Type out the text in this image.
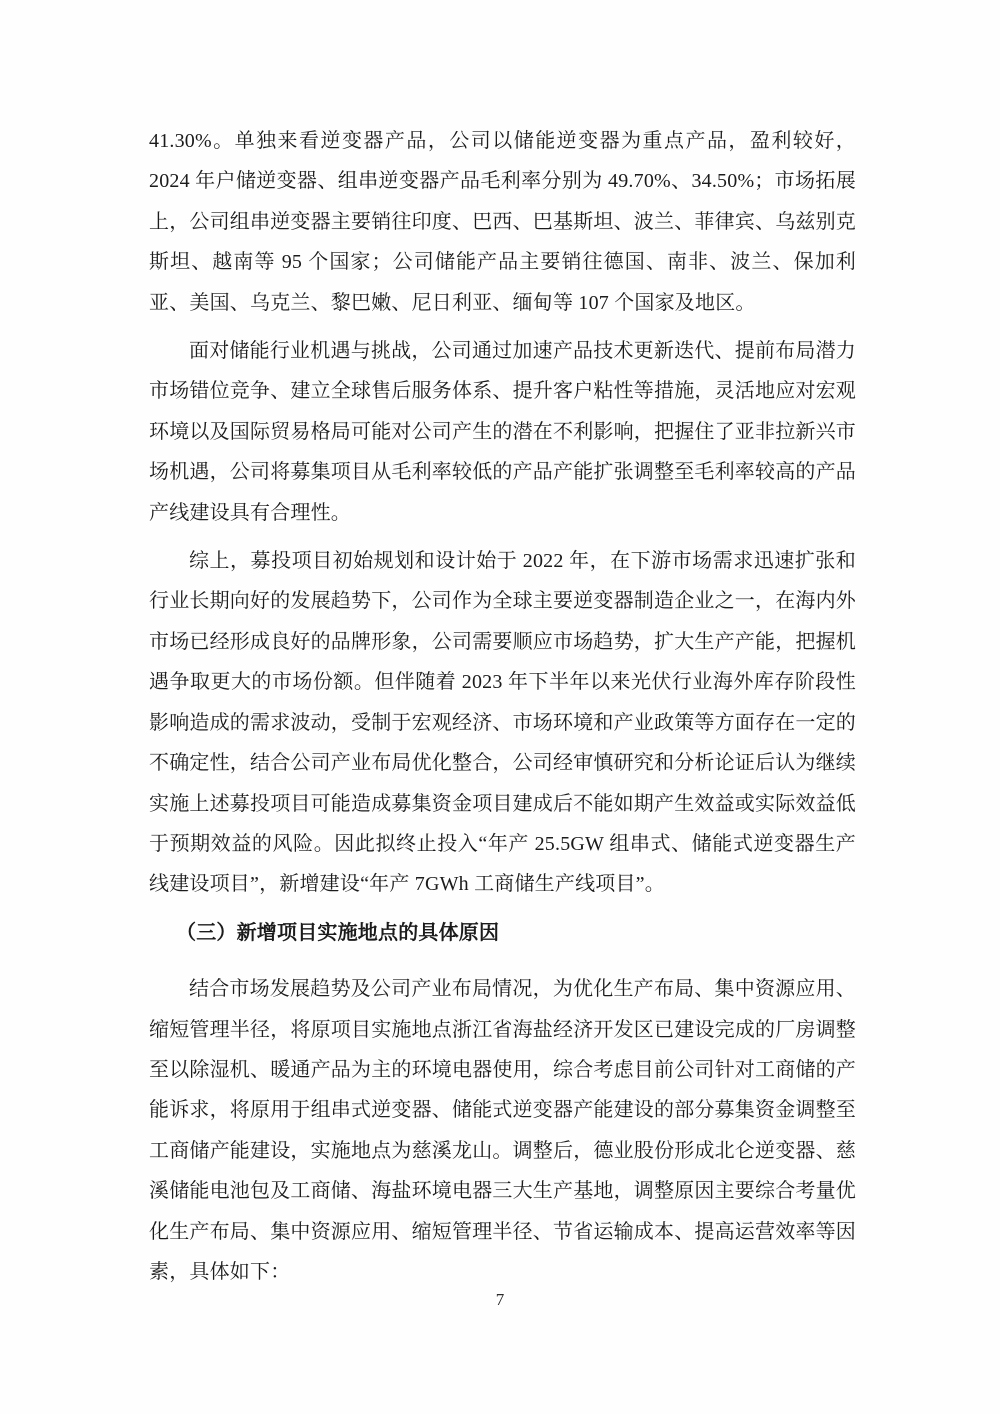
41.30%。单独来看逆变器产品，公司以储能逆变器为重点产品，盈利较好，2024 年户储逆变器、组串逆变器产品毛利率分别为 49.70%、34.50%；市场拓展上，公司组串逆变器主要销往印度、巴西、巴基斯坦、波兰、菲律宾、乌兹别克斯坦、越南等 95 个国家；公司储能产品主要销往德国、南非、波兰、保加利亚、美国、乌克兰、黎巴嫩、尼日利亚、缅甸等 107 个国家及地区。

面对储能行业机遇与挑战，公司通过加速产品技术更新迭代、提前布局潜力市场错位竞争、建立全球售后服务体系、提升客户粘性等措施，灵活地应对宏观环境以及国际贸易格局可能对公司产生的潜在不利影响，把握住了亚非拉新兴市场机遇，公司将募集项目从毛利率较低的产品产能扩张调整至毛利率较高的产品产线建设具有合理性。

综上，募投项目初始规划和设计始于 2022 年，在下游市场需求迅速扩张和行业长期向好的发展趋势下，公司作为全球主要逆变器制造企业之一，在海内外市场已经形成良好的品牌形象，公司需要顺应市场趋势，扩大生产产能，把握机遇争取更大的市场份额。但伴随着 2023 年下半年以来光伏行业海外库存阶段性影响造成的需求波动，受制于宏观经济、市场环境和产业政策等方面存在一定的不确定性，结合公司产业布局优化整合，公司经审慎研究和分析论证后认为继续实施上述募投项目可能造成募集资金项目建成后不能如期产生效益或实际效益低于预期效益的风险。因此拟终止投入“年产 25.5GW 组串式、储能式逆变器生产线建设项目”，新增建设“年产 7GWh 工商储生产线项目”。

（三）新增项目实施地点的具体原因

结合市场发展趋势及公司产业布局情况，为优化生产布局、集中资源应用、缩短管理半径，将原项目实施地点浙江省海盐经济开发区已建设完成的厂房调整至以除湿机、暖通产品为主的环境电器使用，综合考虑目前公司针对工商储的产能诉求，将原用于组串式逆变器、储能式逆变器产能建设的部分募集资金调整至工商储产能建设，实施地点为慈溪龙山。调整后，德业股份形成北仑逆变器、慈溪储能电池包及工商储、海盐环境电器三大生产基地，调整原因主要综合考量优化生产布局、集中资源应用、缩短管理半径、节省运输成本、提高运营效率等因素，具体如下：

7
